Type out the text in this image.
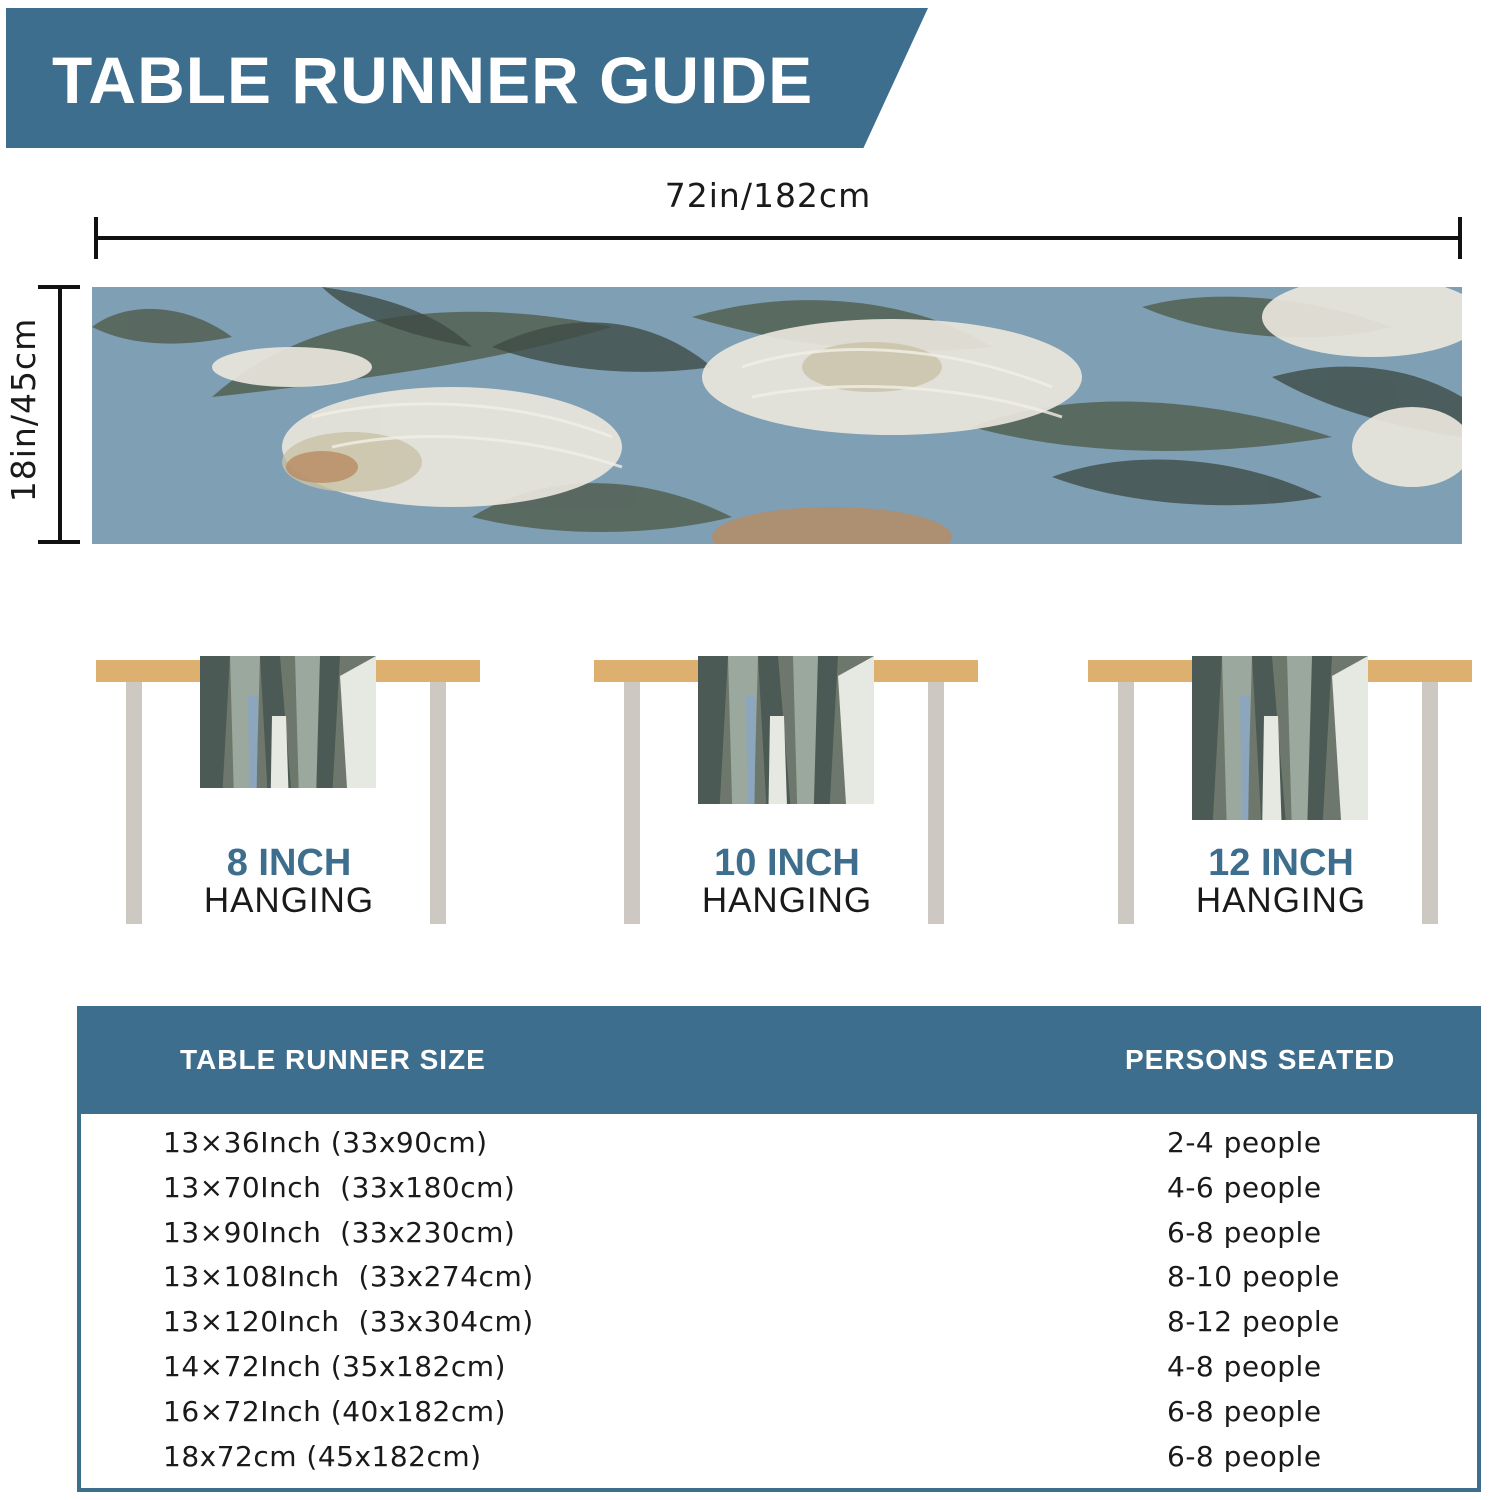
TABLE RUNNER GUIDE
72in/182cm
18in/45cm
8 INCH
HANGING
10 INCH
HANGING
12 INCH
HANGING
TABLE RUNNER SIZE	PERSONS SEATED
13×36Inch (33x90cm)	2-4 people
13×70Inch  (33x180cm)	4-6 people
13×90Inch  (33x230cm)	6-8 people
13×108Inch  (33x274cm)	8-10 people
13×120Inch  (33x304cm)	8-12 people
14×72Inch (35x182cm)	4-8 people
16×72Inch (40x182cm)	6-8 people
18x72cm (45x182cm)	6-8 people
